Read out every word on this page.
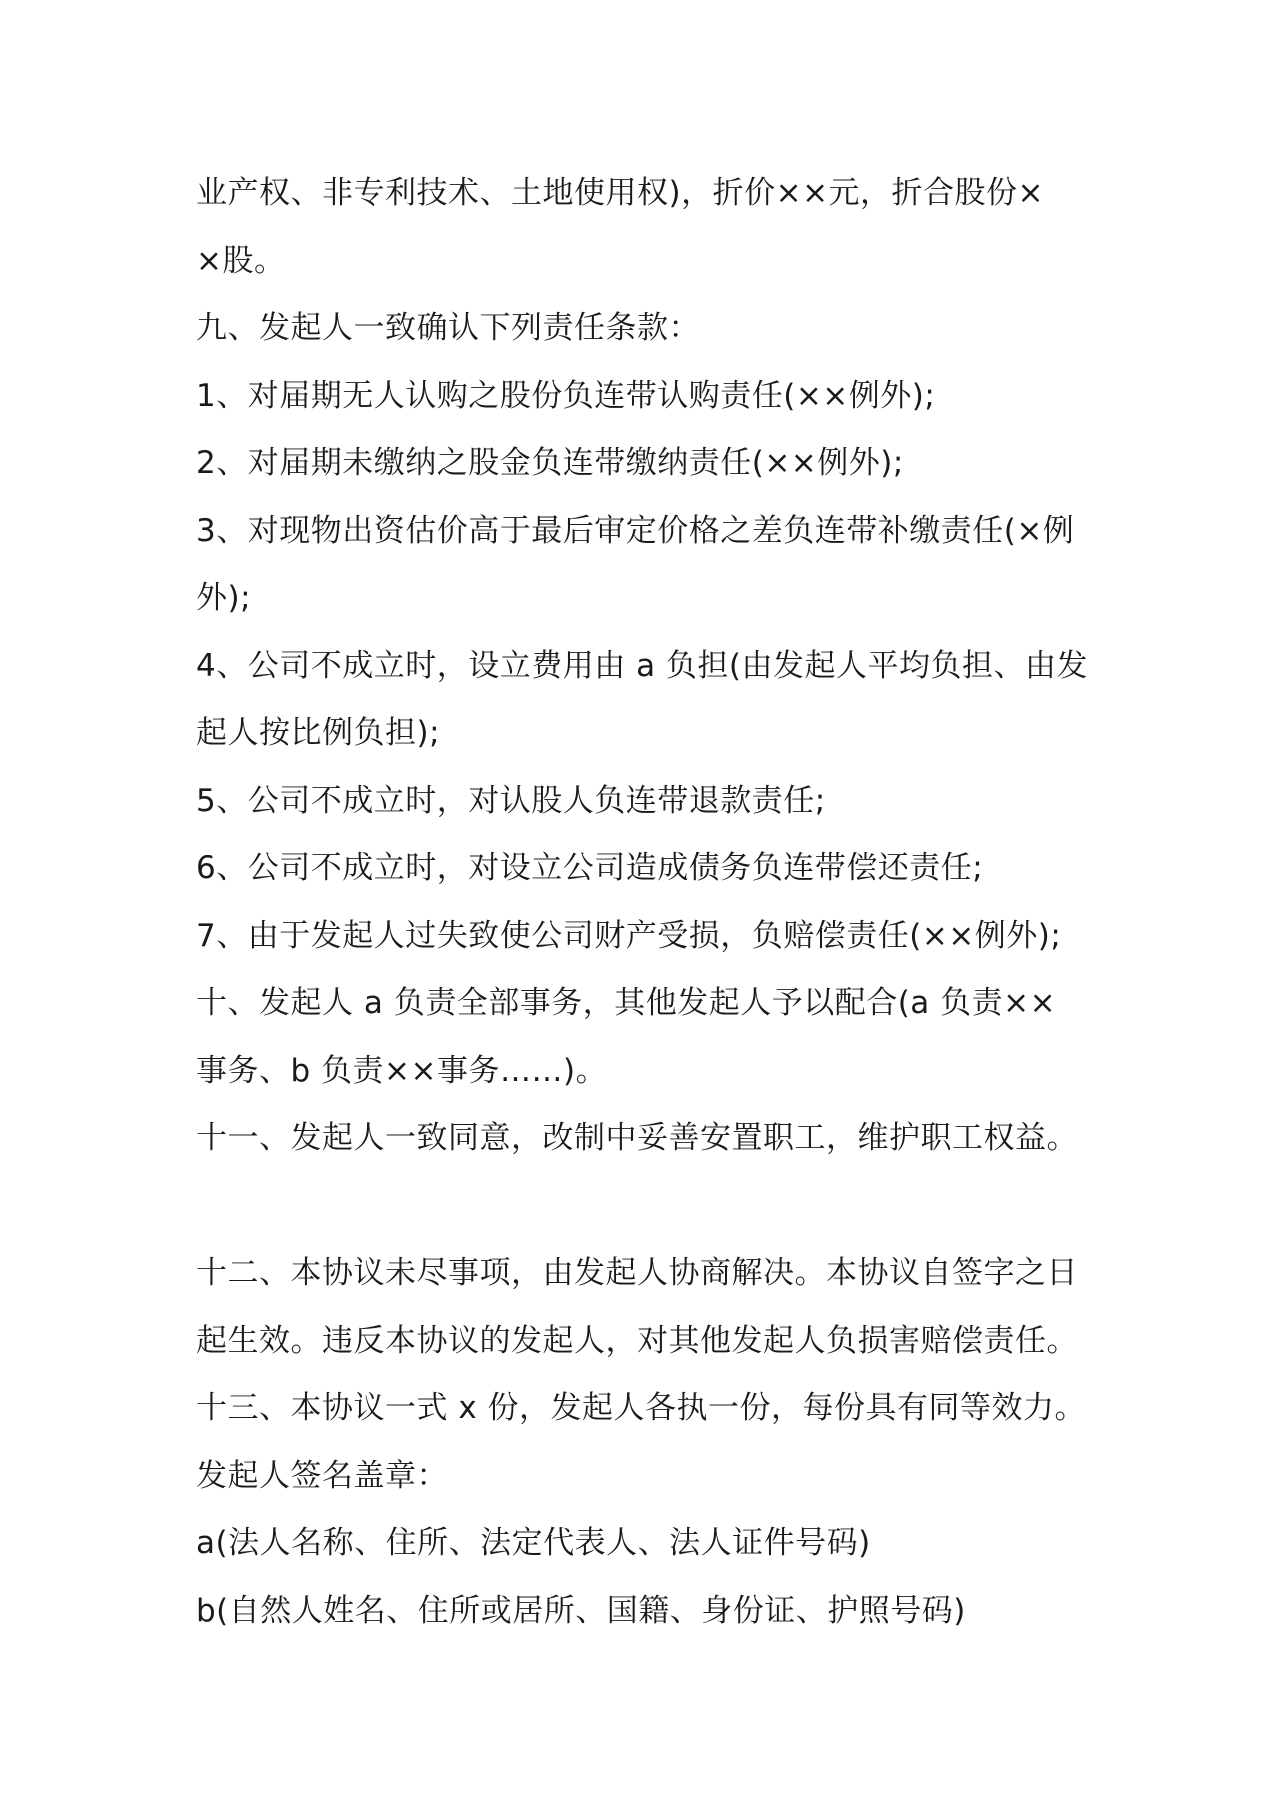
业产权、非专利技术、土地使用权)，折价××元，折合股份×
×股。
九、发起人一致确认下列责任条款：
1、对届期无人认购之股份负连带认购责任(××例外);
2、对届期未缴纳之股金负连带缴纳责任(××例外);
3、对现物出资估价高于最后审定价格之差负连带补缴责任(×例
外);
4、公司不成立时，设立费用由 a 负担(由发起人平均负担、由发
起人按比例负担);
5、公司不成立时，对认股人负连带退款责任;
6、公司不成立时，对设立公司造成债务负连带偿还责任;
7、由于发起人过失致使公司财产受损，负赔偿责任(××例外);
十、发起人 a 负责全部事务，其他发起人予以配合(a 负责××
事务、b 负责××事务……)。
十一、发起人一致同意，改制中妥善安置职工，维护职工权益。
十二、本协议未尽事项，由发起人协商解决。本协议自签字之日
起生效。违反本协议的发起人，对其他发起人负损害赔偿责任。
十三、本协议一式 x 份，发起人各执一份，每份具有同等效力。
发起人签名盖章：
a(法人名称、住所、法定代表人、法人证件号码)
b(自然人姓名、住所或居所、国籍、身份证、护照号码)
